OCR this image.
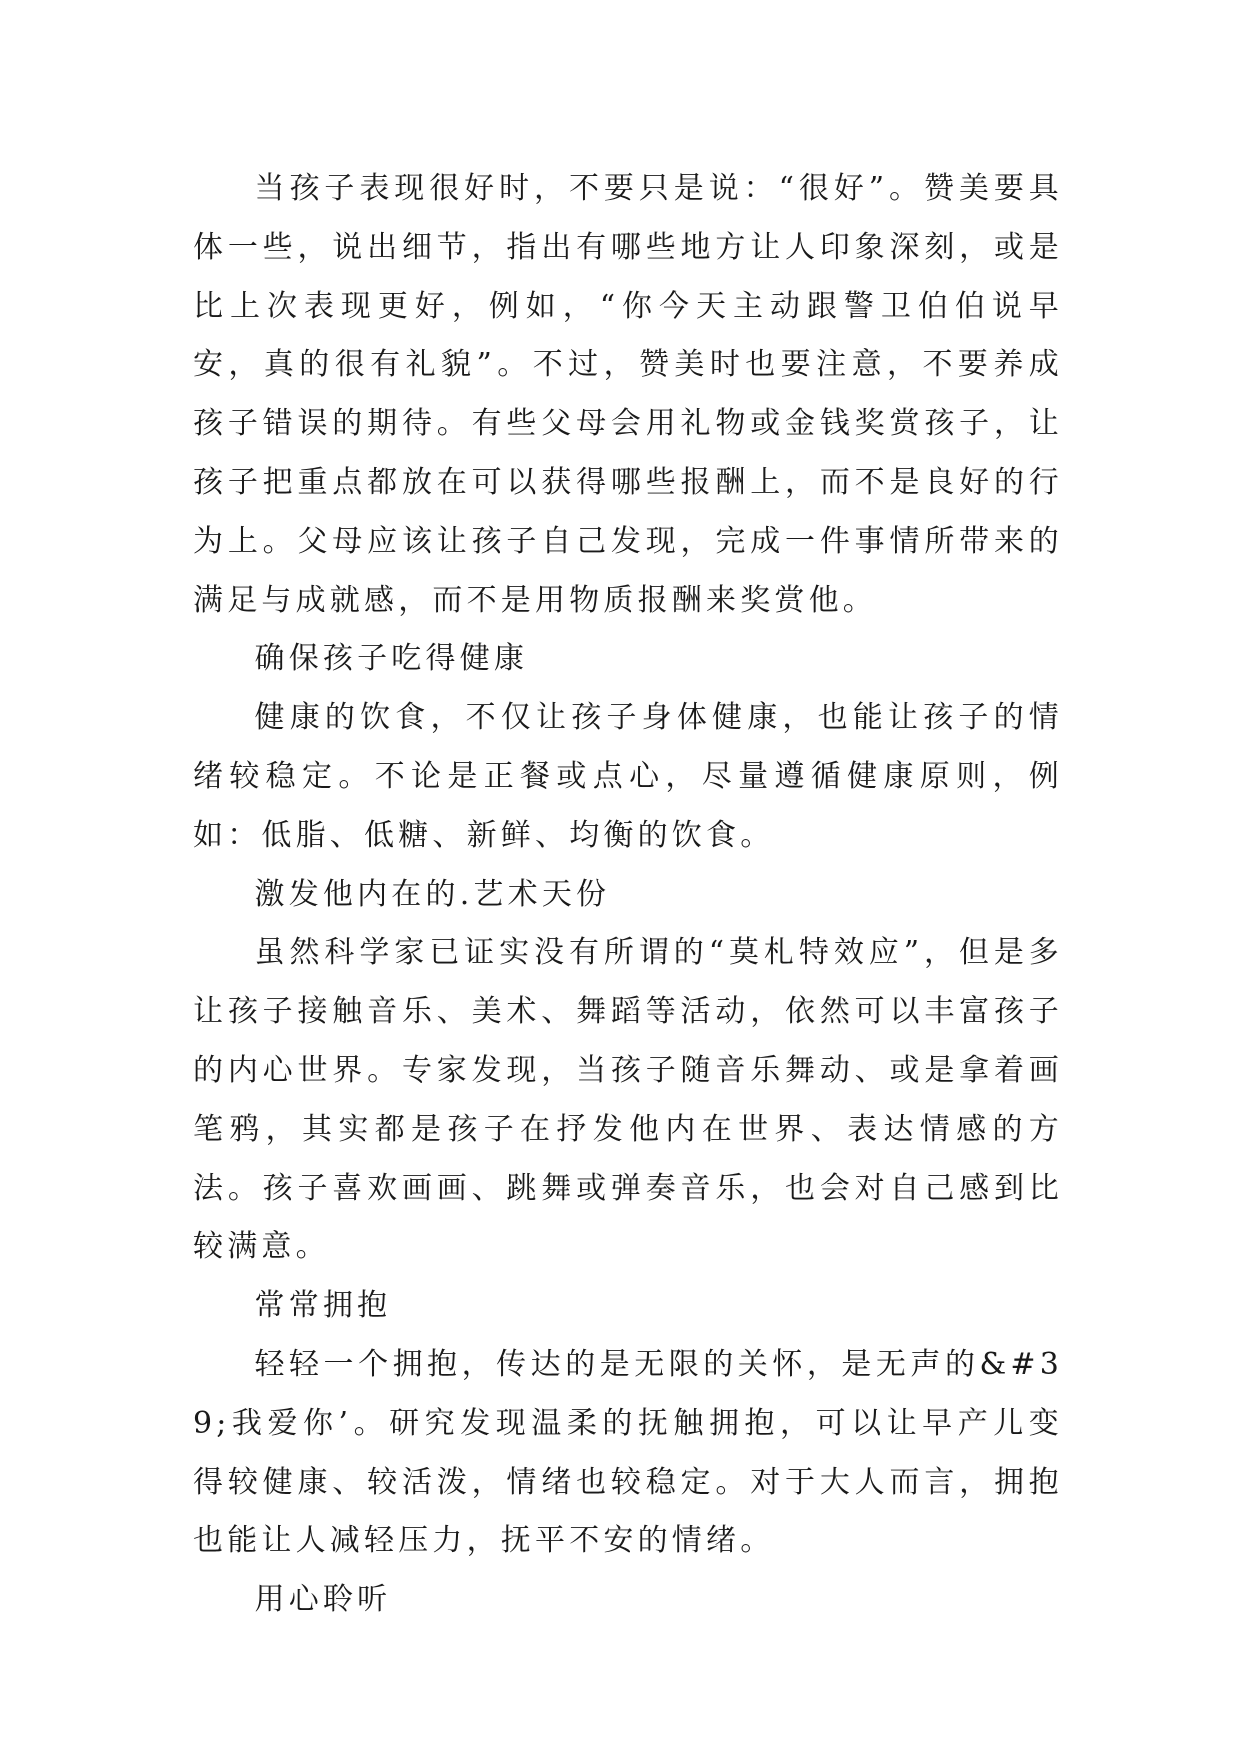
当孩子表现很好时，不要只是说：“很好”。赞美要具体一些，说出细节，指出有哪些地方让人印象深刻，或是比上次表现更好，例如，“你今天主动跟警卫伯伯说早安，真的很有礼貌”。不过，赞美时也要注意，不要养成孩子错误的期待。有些父母会用礼物或金钱奖赏孩子，让孩子把重点都放在可以获得哪些报酬上，而不是良好的行为上。父母应该让孩子自己发现，完成一件事情所带来的满足与成就感，而不是用物质报酬来奖赏他。

确保孩子吃得健康

健康的饮食，不仅让孩子身体健康，也能让孩子的情绪较稳定。不论是正餐或点心，尽量遵循健康原则，例如：低脂、低糖、新鲜、均衡的饮食。

激发他内在的.艺术天份

虽然科学家已证实没有所谓的“莫札特效应”，但是多让孩子接触音乐、美术、舞蹈等活动，依然可以丰富孩子的内心世界。专家发现，当孩子随音乐舞动、或是拿着画笔鸦，其实都是孩子在抒发他内在世界、表达情感的方法。孩子喜欢画画、跳舞或弹奏音乐，也会对自己感到比较满意。

常常拥抱

轻轻一个拥抱，传达的是无限的关怀，是无声的&#39;我爱你’。研究发现温柔的抚触拥抱，可以让早产儿变得较健康、较活泼，情绪也较稳定。对于大人而言，拥抱也能让人减轻压力，抚平不安的情绪。

用心聆听
